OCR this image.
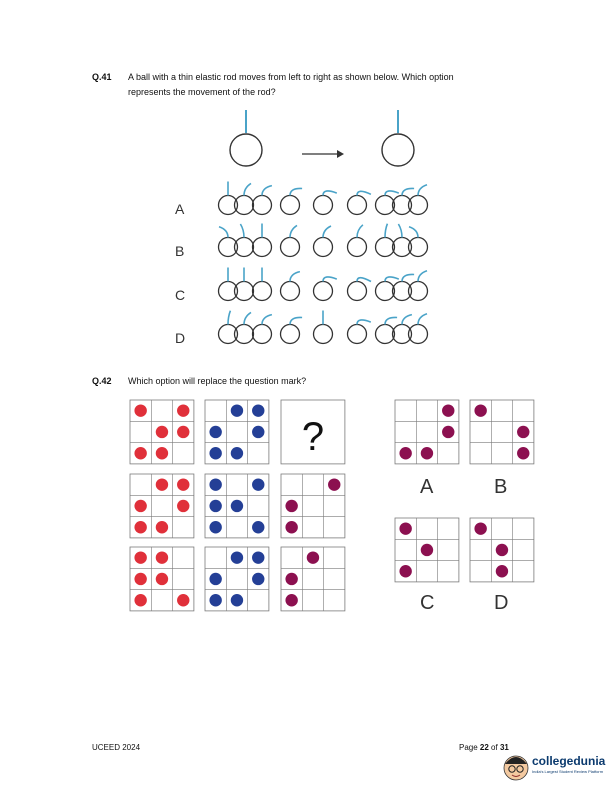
Q.41 A ball with a thin elastic rod moves from left to right as shown below. Which option
represents the movement of the rod?
A
B
C
D
Q.42 Which option will replace the question mark?
?
A	B
C	D
UCEED 2024	Page 22 of 31
collegedunia
India's Largest Student Review Platform
